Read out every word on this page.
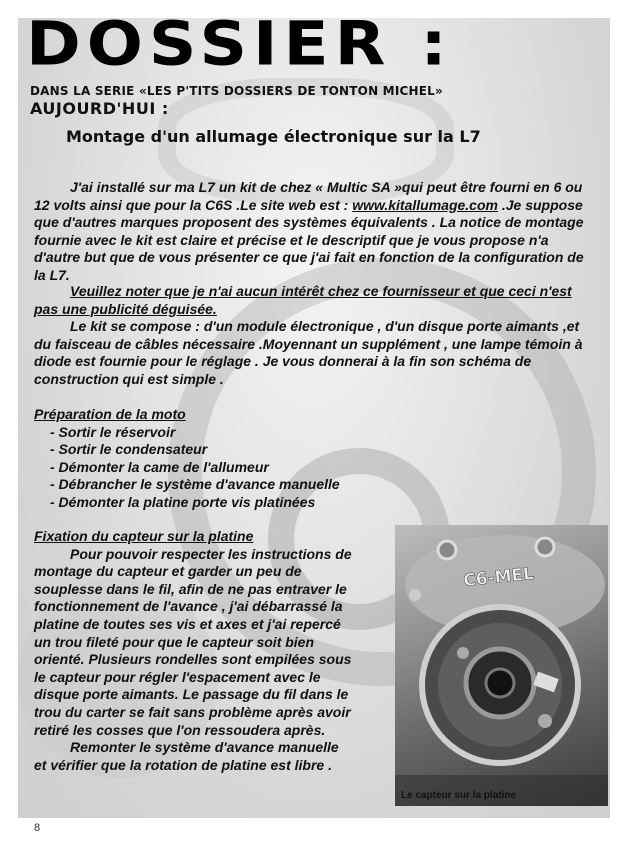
DOSSIER :
DANS LA SERIE «LES P'TITS DOSSIERS DE TONTON MICHEL»
AUJOURD'HUI :
Montage d'un allumage électronique sur la L7
J'ai installé sur ma L7 un kit de chez « Multic SA »qui peut être fourni en 6 ou 12 volts ainsi que pour la C6S .Le site web est : www.kitallumage.com .Je suppose que d'autres marques proposent des systèmes équivalents . La notice de montage fournie avec le kit est claire et précise et le descriptif que je vous propose n'a d'autre but que de vous présenter ce que j'ai fait en fonction de la configuration de la L7.
Veuillez noter que je n'ai aucun intérêt chez ce fournisseur et que ceci n'est pas une publicité déguisée.
Le kit se compose : d'un module électronique , d'un disque porte aimants ,et du faisceau de câbles nécessaire .Moyennant un supplément , une lampe témoin à diode est fournie pour le réglage . Je vous donnerai à la fin son schéma de construction qui est simple .
Préparation de la moto
- Sortir le réservoir
- Sortir le condensateur
- Démonter la came de l'allumeur
- Débrancher le système d'avance manuelle
- Démonter la platine porte vis platinées
Fixation du capteur sur la platine
Pour pouvoir respecter les instructions de montage du capteur et garder un peu de souplesse dans le fil, afin de ne pas entraver le fonctionnement de l'avance , j'ai débarrassé la platine de toutes ses vis et axes et j'ai repercé un trou fileté pour que le capteur soit bien orienté. Plusieurs rondelles sont empilées sous le capteur pour régler l'espacement avec le disque porte aimants. Le passage du fil dans le trou du carter se fait sans problème après avoir retiré les cosses que l'on ressoudera après.
Remonter le système d'avance manuelle et vérifier que la rotation de platine est libre .
C6-MEL
Le capteur sur la platine
8
